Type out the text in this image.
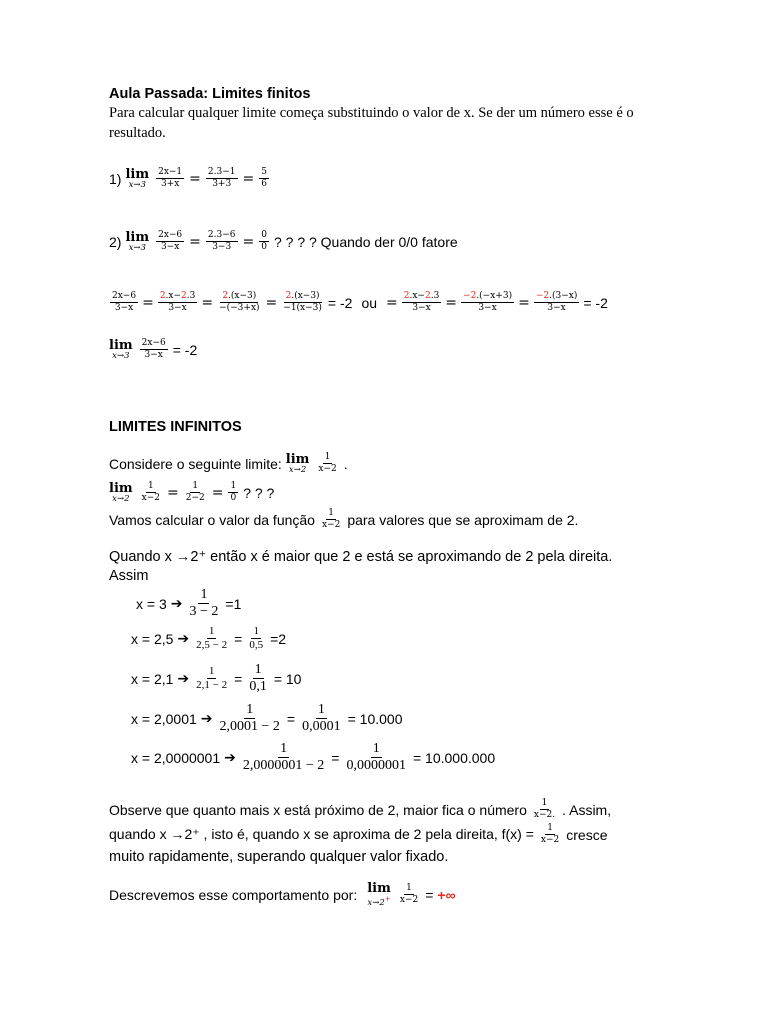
Aula Passada: Limites finitos
Para calcular qualquer limite começa substituindo o valor de x. Se der um número esse é o resultado.
1) lim
$x\to 3 \frac{2x-1}{3+x} = \frac{2.3-1}{3+3} = \frac{5}{6}$
2) lim
$x\to 3 \frac{2x-6}{3-x} = \frac{2.3-6}{3-3} = \frac{0}{0}$ ? ? ? ? Quando der 0/0 fatore
$\frac{2x-6}{3-x} = \frac{2.x-2.3}{3-x} = \frac{2.(x-3)}{-(-3+x)} = \frac{2.(x-3)}{-1(x-3)} = -2$ ou = $\frac{2.x-2.3}{3-x} = \frac{-2.(-x+3)}{3-x} = \frac{-2.(3-x)}{3-x} = -2$
lim
$x\to 3 \frac{2x-6}{3-x} = -2$
LIMITES INFINITOS
Considere o seguinte limite: lim
$x\to 2 \frac{1}{x-2}$ .
lim
$x\to 2 \frac{1}{x-2} = \frac{1}{2-2} = \frac{1}{0}$ ? ? ?
Vamos calcular o valor da função $\frac{1}{x-2}$ para valores que se aproximam de 2.
Quando x →2⁺ então x é maior que 2 e está se aproximando de 2 pela direita.
Assim
x = 3 ➔ $\frac{1}{3 - 2} =1$
x = 2,5 ➔ $\frac{1}{2,5 - 2} = \frac{1}{0,5} =2$
x = 2,1 ➔ $\frac{1}{2,1 - 2} = \frac{1}{0,1} = 10$
x = 2,0001 ➔ $\frac{1}{2,0001 - 2} = \frac{1}{0,0001} = 10.000$
x = 2,0000001 ➔ $\frac{1}{2,0000001 - 2} = \frac{1}{0,0000001} = 10.000.000$
Observe que quanto mais x está próximo de 2, maior fica o número $\frac{1}{x-2.}$ . Assim,
quando x →2⁺ , isto é, quando x se aproxima de 2 pela direita, $f(x) = \frac{1}{x-2}$ cresce
muito rapidamente, superando qualquer valor fixado.
Descrevemos esse comportamento por: lim
$x\to 2^+ \frac{1}{x-2}$ = +∞
